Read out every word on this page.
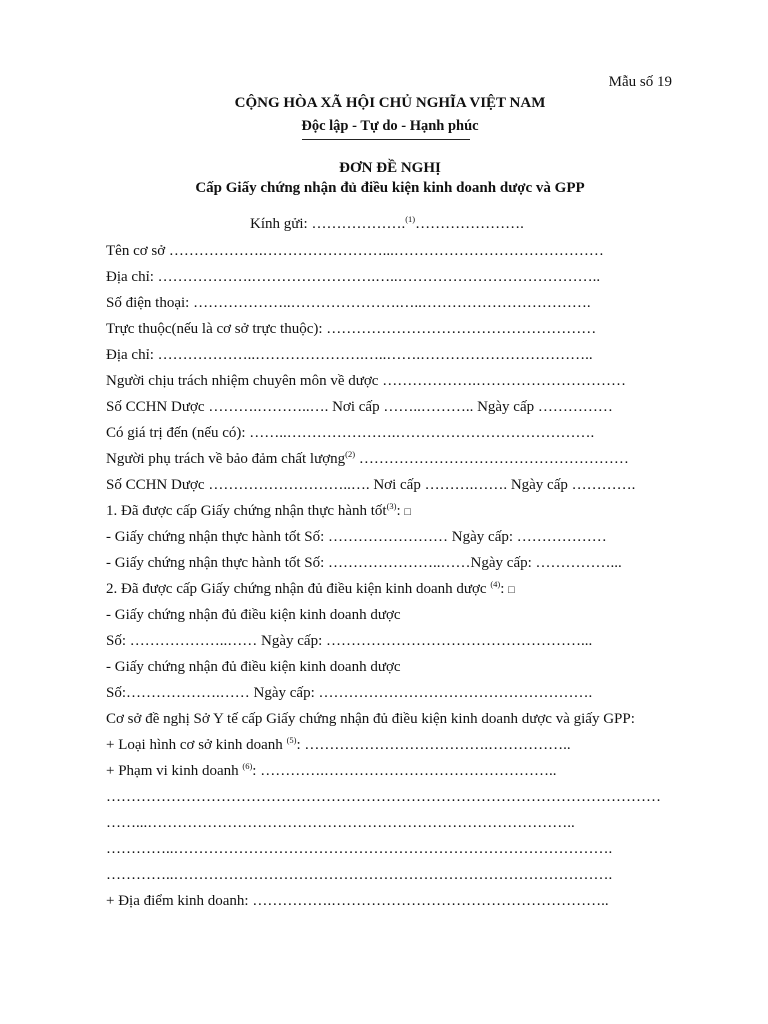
Mẫu số 19
CỘNG HÒA XÃ HỘI CHỦ NGHĨA VIỆT NAM
Độc lập - Tự do - Hạnh phúc
ĐƠN ĐỀ NGHỊ
Cấp Giấy chứng nhận đủ điều kiện kinh doanh dược và GPP
Kính gửi: ……………….$^{(1)}$………………….
Tên cơ sở ……………….……………………...……………………………………
Địa chỉ: ……………….…………………….…..…………………………………..
Số điện thoại: ………………..………………….…..…………………………….
Trực thuộc(nếu là cơ sở trực thuộc): ………………………………………………
Địa chỉ: ………………..………………….…..…….……………………………..
Người chịu trách nhiệm chuyên môn về dược ……………….…………………………
Số CCHN Dược ……….………..…. Nơi cấp ……..……….. Ngày cấp ……………
Có giá trị đến (nếu có): ……..………………….………………………………….
Người phụ trách về bảo đảm chất lượng$^{(2)}$ ………………………………………………
Số CCHN Dược ………………………..…. Nơi cấp ……….……. Ngày cấp ………….
1. Đã được cấp Giấy chứng nhận thực hành tốt$^{(3)}$: □
- Giấy chứng nhận thực hành tốt Số: …………………… Ngày cấp: ………………
- Giấy chứng nhận thực hành tốt Số: …………………..……Ngày cấp: ……………...
2. Đã được cấp Giấy chứng nhận đủ điều kiện kinh doanh dược $^{(4)}$: □
- Giấy chứng nhận đủ điều kiện kinh doanh dược
Số: ………………..…… Ngày cấp: ……………………………………………...
- Giấy chứng nhận đủ điều kiện kinh doanh dược
Số:……………….…… Ngày cấp: ……………………………………………….
Cơ sở đề nghị Sở Y tế cấp Giấy chứng nhận đủ điều kiện kinh doanh dược và giấy GPP:
+ Loại hình cơ sở kinh doanh $^{(5)}$: ……………………………….……………..
+ Phạm vi kinh doanh $^{(6)}$: ………….………………………………………..
…………………………………………………………………………………………………
……...…………………………………………………………………………..
…………..…………………………………………………………………………….
…………..…………………………………………………………………………….
+ Địa điểm kinh doanh: …………….………………………………………………..
